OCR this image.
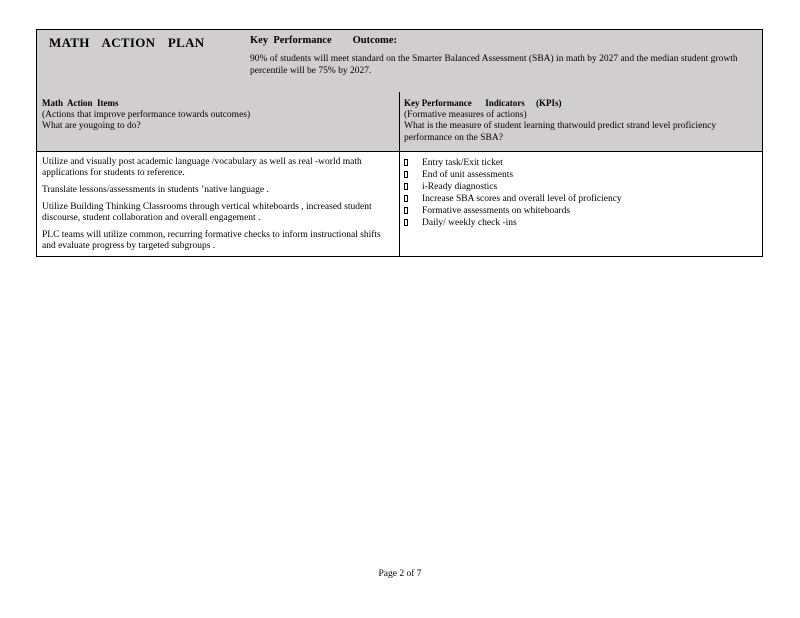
MATH ACTION PLAN	Key  Performance        Outcome:
90% of students will meet standard on the Smarter Balanced Assessment (SBA) in math by 2027 and the median student growth percentile will be 75% by 2027.
Math  Action  Items
(Actions that improve performance towards outcomes)
What are yougoing to do?
Key Performance      Indicators     (KPIs)
(Formative measures of actions)
What is the measure of student learning thatwould predict strand level proficiency performance on the SBA?

Utilize and visually post academic language /vocabulary as well as real -world math applications for students to reference.

Translate lessons/assessments in students ’native language .

Utilize Building Thinking Classrooms through vertical whiteboards , increased student discourse, student collaboration and overall engagement .

PLC teams will utilize common, recurring formative checks to inform instructional shifts and evaluate progress by targeted subgroups .

Entry task/Exit ticket
End of unit assessments
i-Ready diagnostics
Increase SBA scores and overall level of proficiency
Formative assessments on whiteboards
Daily/ weekly check -ins
Page 2 of 7
